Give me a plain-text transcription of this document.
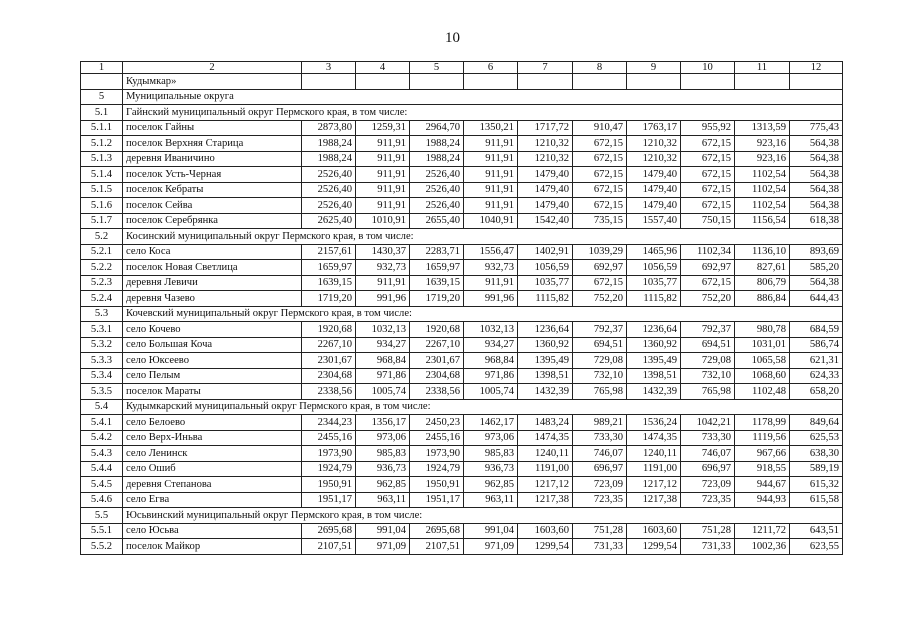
10
1	2	3	4	5	6	7	8	9	10	11	12
	Кудымкар»										
5	Муниципальные округа										
5.1	Гайнский муниципальный округ Пермского края, в том числе:										
5.1.1	поселок Гайны	2873,80	1259,31	2964,70	1350,21	1717,72	910,47	1763,17	955,92	1313,59	775,43
5.1.2	поселок Верхняя Старица	1988,24	911,91	1988,24	911,91	1210,32	672,15	1210,32	672,15	923,16	564,38
5.1.3	деревня Иваничино	1988,24	911,91	1988,24	911,91	1210,32	672,15	1210,32	672,15	923,16	564,38
5.1.4	поселок Усть-Черная	2526,40	911,91	2526,40	911,91	1479,40	672,15	1479,40	672,15	1102,54	564,38
5.1.5	поселок Кебраты	2526,40	911,91	2526,40	911,91	1479,40	672,15	1479,40	672,15	1102,54	564,38
5.1.6	поселок Сейва	2526,40	911,91	2526,40	911,91	1479,40	672,15	1479,40	672,15	1102,54	564,38
5.1.7	поселок Серебрянка	2625,40	1010,91	2655,40	1040,91	1542,40	735,15	1557,40	750,15	1156,54	618,38
5.2	Косинский муниципальный округ Пермского края, в том числе:										
5.2.1	село Коса	2157,61	1430,37	2283,71	1556,47	1402,91	1039,29	1465,96	1102,34	1136,10	893,69
5.2.2	поселок Новая Светлица	1659,97	932,73	1659,97	932,73	1056,59	692,97	1056,59	692,97	827,61	585,20
5.2.3	деревня Левичи	1639,15	911,91	1639,15	911,91	1035,77	672,15	1035,77	672,15	806,79	564,38
5.2.4	деревня Чазево	1719,20	991,96	1719,20	991,96	1115,82	752,20	1115,82	752,20	886,84	644,43
5.3	Кочевский муниципальный округ Пермского края, в том числе:										
5.3.1	село Кочево	1920,68	1032,13	1920,68	1032,13	1236,64	792,37	1236,64	792,37	980,78	684,59
5.3.2	село Большая Коча	2267,10	934,27	2267,10	934,27	1360,92	694,51	1360,92	694,51	1031,01	586,74
5.3.3	село Юксеево	2301,67	968,84	2301,67	968,84	1395,49	729,08	1395,49	729,08	1065,58	621,31
5.3.4	село Пелым	2304,68	971,86	2304,68	971,86	1398,51	732,10	1398,51	732,10	1068,60	624,33
5.3.5	поселок Мараты	2338,56	1005,74	2338,56	1005,74	1432,39	765,98	1432,39	765,98	1102,48	658,20
5.4	Кудымкарский муниципальный округ Пермского края, в том числе:										
5.4.1	село Белоево	2344,23	1356,17	2450,23	1462,17	1483,24	989,21	1536,24	1042,21	1178,99	849,64
5.4.2	село Верх-Иньва	2455,16	973,06	2455,16	973,06	1474,35	733,30	1474,35	733,30	1119,56	625,53
5.4.3	село Ленинск	1973,90	985,83	1973,90	985,83	1240,11	746,07	1240,11	746,07	967,66	638,30
5.4.4	село Ошиб	1924,79	936,73	1924,79	936,73	1191,00	696,97	1191,00	696,97	918,55	589,19
5.4.5	деревня Степанова	1950,91	962,85	1950,91	962,85	1217,12	723,09	1217,12	723,09	944,67	615,32
5.4.6	село Егва	1951,17	963,11	1951,17	963,11	1217,38	723,35	1217,38	723,35	944,93	615,58
5.5	Юсьвинский муниципальный округ Пермского края, в том числе:										
5.5.1	село Юсьва	2695,68	991,04	2695,68	991,04	1603,60	751,28	1603,60	751,28	1211,72	643,51
5.5.2	поселок Майкор	2107,51	971,09	2107,51	971,09	1299,54	731,33	1299,54	731,33	1002,36	623,55
